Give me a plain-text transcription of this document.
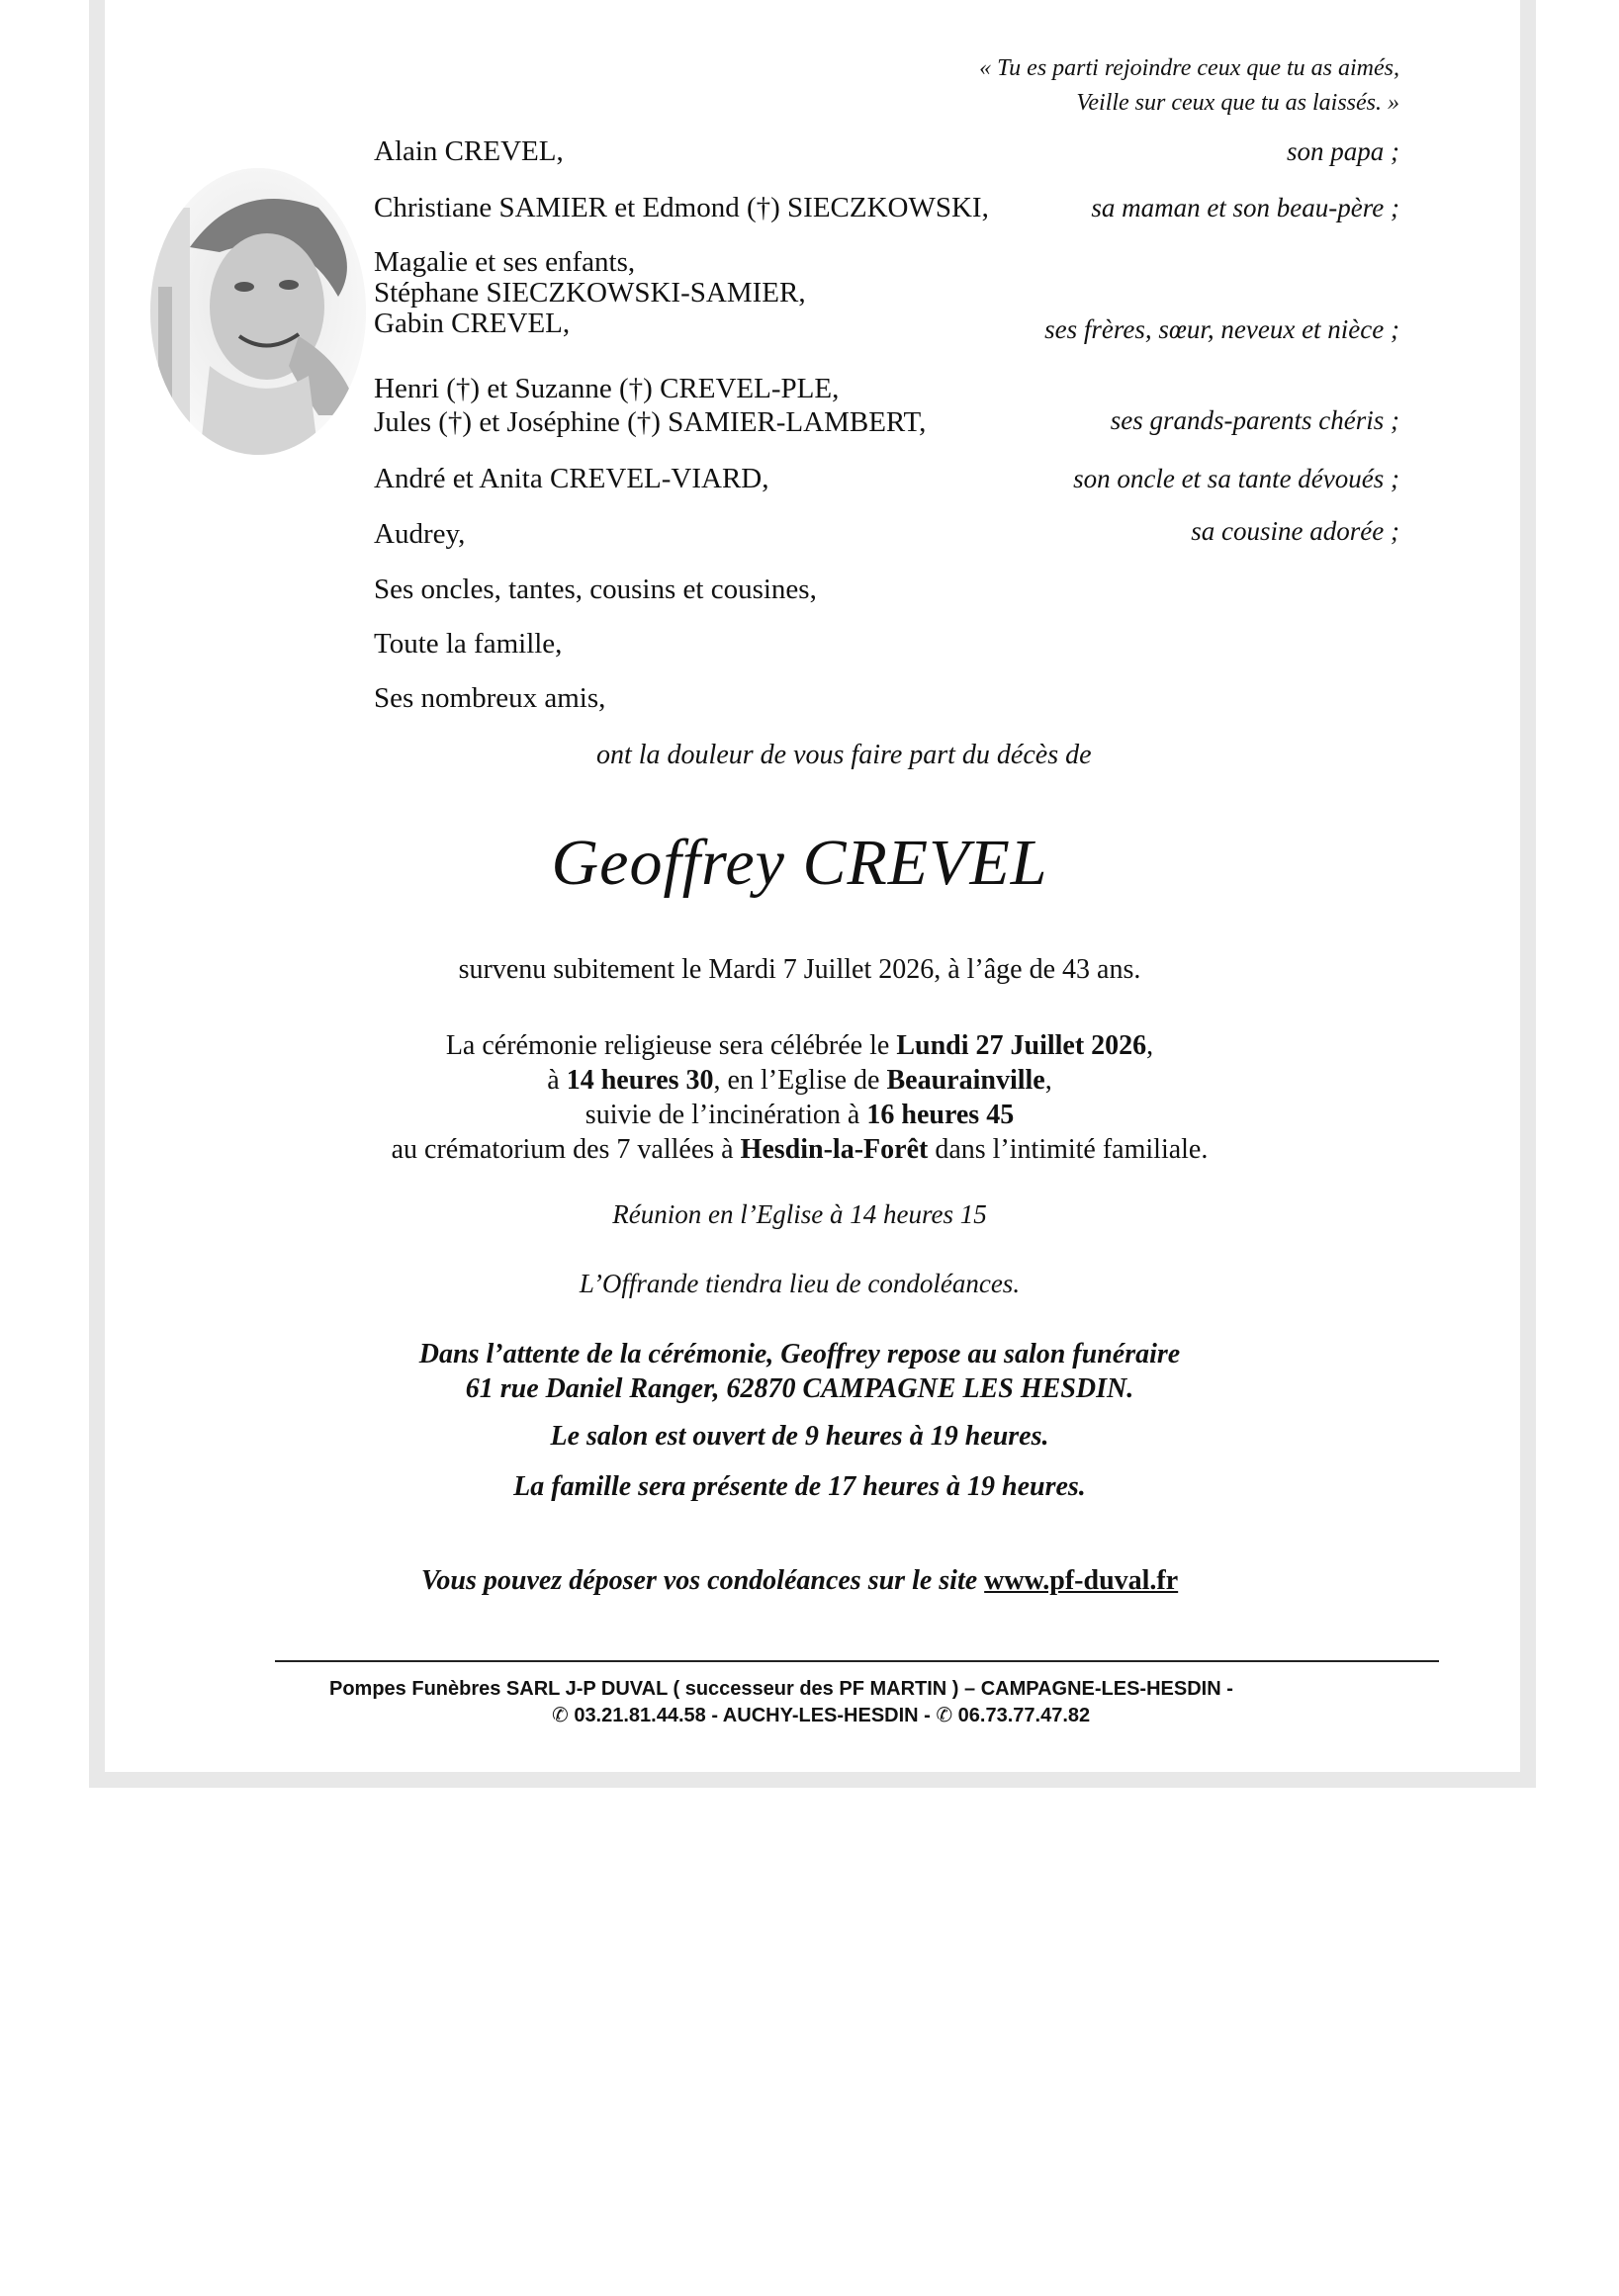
« Tu es parti rejoindre ceux que tu as aimés,
Veille sur ceux que tu as laissés. »
Alain CREVEL,	son papa ;
Christiane SAMIER et Edmond (†) SIECZKOWSKI,	sa maman et son beau-père ;
Magalie et ses enfants,
Stéphane SIECZKOWSKI-SAMIER,
Gabin CREVEL,	ses frères, sœur, neveux et nièce ;
Henri (†) et Suzanne (†) CREVEL-PLE,
Jules (†) et Joséphine (†) SAMIER-LAMBERT,	ses grands-parents chéris ;
André et Anita CREVEL-VIARD,	son oncle et sa tante dévoués ;
Audrey,	sa cousine adorée ;
Ses oncles, tantes, cousins et cousines,
Toute la famille,
Ses nombreux amis,
ont la douleur de vous faire part du décès de
Geoffrey CREVEL
survenu subitement le Mardi 7 Juillet 2026, à l’âge de 43 ans.
La cérémonie religieuse sera célébrée le Lundi 27 Juillet 2026,
à 14 heures 30, en l’Eglise de Beaurainville,
suivie de l’incinération à 16 heures 45
au crématorium des 7 vallées à Hesdin-la-Forêt dans l’intimité familiale.
Réunion en l’Eglise à 14 heures 15
L’Offrande tiendra lieu de condoléances.
Dans l’attente de la cérémonie, Geoffrey repose au salon funéraire
61 rue Daniel Ranger, 62870 CAMPAGNE LES HESDIN.
Le salon est ouvert de 9 heures à 19 heures.
La famille sera présente de 17 heures à 19 heures.
Vous pouvez déposer vos condoléances sur le site www.pf-duval.fr
Pompes Funèbres SARL J-P DUVAL ( successeur des PF MARTIN ) – CAMPAGNE-LES-HESDIN -
✆ 03.21.81.44.58 - AUCHY-LES-HESDIN - ✆ 06.73.77.47.82
